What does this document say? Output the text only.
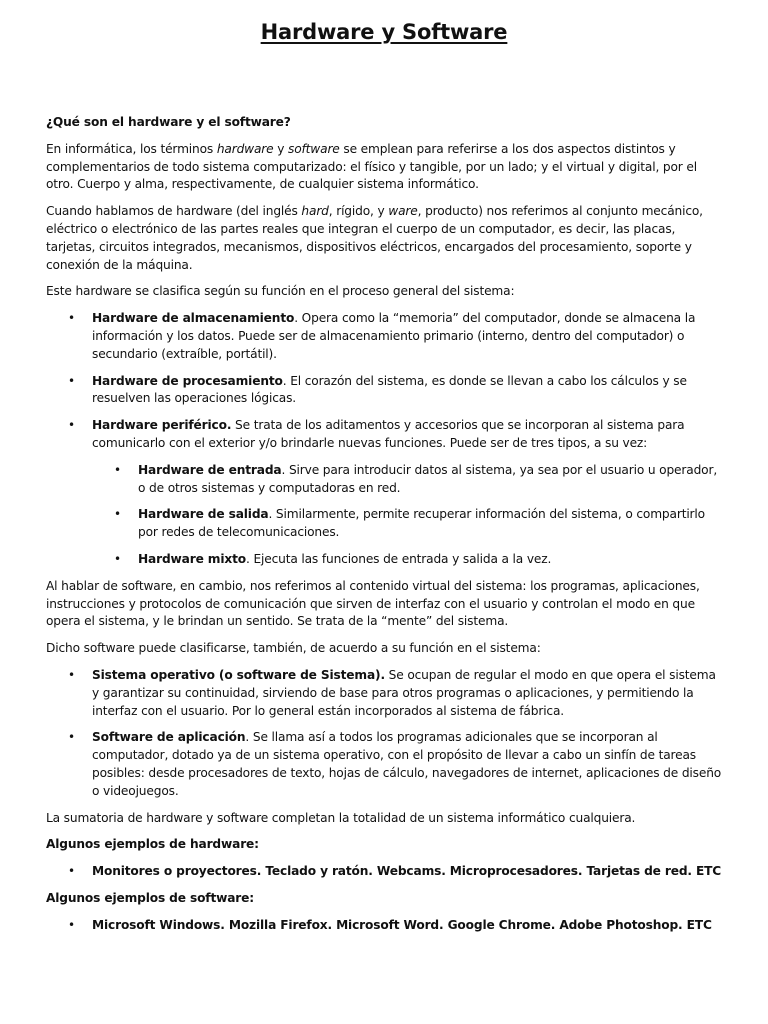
Hardware y Software

¿Qué son el hardware y el software?

En informática, los términos hardware y software se emplean para referirse a los dos aspectos distintos y complementarios de todo sistema computarizado: el físico y tangible, por un lado; y el virtual y digital, por el otro. Cuerpo y alma, respectivamente, de cualquier sistema informático.

Cuando hablamos de hardware (del inglés hard, rígido, y ware, producto) nos referimos al conjunto mecánico, eléctrico o electrónico de las partes reales que integran el cuerpo de un computador, es decir, las placas, tarjetas, circuitos integrados, mecanismos, dispositivos eléctricos, encargados del procesamiento, soporte y conexión de la máquina.

Este hardware se clasifica según su función en el proceso general del sistema:

• Hardware de almacenamiento. Opera como la “memoria” del computador, donde se almacena la información y los datos. Puede ser de almacenamiento primario (interno, dentro del computador) o secundario (extraíble, portátil).
• Hardware de procesamiento. El corazón del sistema, es donde se llevan a cabo los cálculos y se resuelven las operaciones lógicas.
• Hardware periférico. Se trata de los aditamentos y accesorios que se incorporan al sistema para comunicarlo con el exterior y/o brindarle nuevas funciones. Puede ser de tres tipos, a su vez:
• Hardware de entrada. Sirve para introducir datos al sistema, ya sea por el usuario u operador, o de otros sistemas y computadoras en red.
• Hardware de salida. Similarmente, permite recuperar información del sistema, o compartirlo por redes de telecomunicaciones.
• Hardware mixto. Ejecuta las funciones de entrada y salida a la vez.

Al hablar de software, en cambio, nos referimos al contenido virtual del sistema: los programas, aplicaciones, instrucciones y protocolos de comunicación que sirven de interfaz con el usuario y controlan el modo en que opera el sistema, y le brindan un sentido. Se trata de la “mente” del sistema.

Dicho software puede clasificarse, también, de acuerdo a su función en el sistema:

• Sistema operativo (o software de Sistema). Se ocupan de regular el modo en que opera el sistema y garantizar su continuidad, sirviendo de base para otros programas o aplicaciones, y permitiendo la interfaz con el usuario. Por lo general están incorporados al sistema de fábrica.
• Software de aplicación. Se llama así a todos los programas adicionales que se incorporan al computador, dotado ya de un sistema operativo, con el propósito de llevar a cabo un sinfín de tareas posibles: desde procesadores de texto, hojas de cálculo, navegadores de internet, aplicaciones de diseño o videojuegos.

La sumatoria de hardware y software completan la totalidad de un sistema informático cualquiera.

Algunos ejemplos de hardware:

• Monitores o proyectores. Teclado y ratón. Webcams. Microprocesadores. Tarjetas de red. ETC

Algunos ejemplos de software:

• Microsoft Windows. Mozilla Firefox. Microsoft Word. Google Chrome. Adobe Photoshop. ETC
